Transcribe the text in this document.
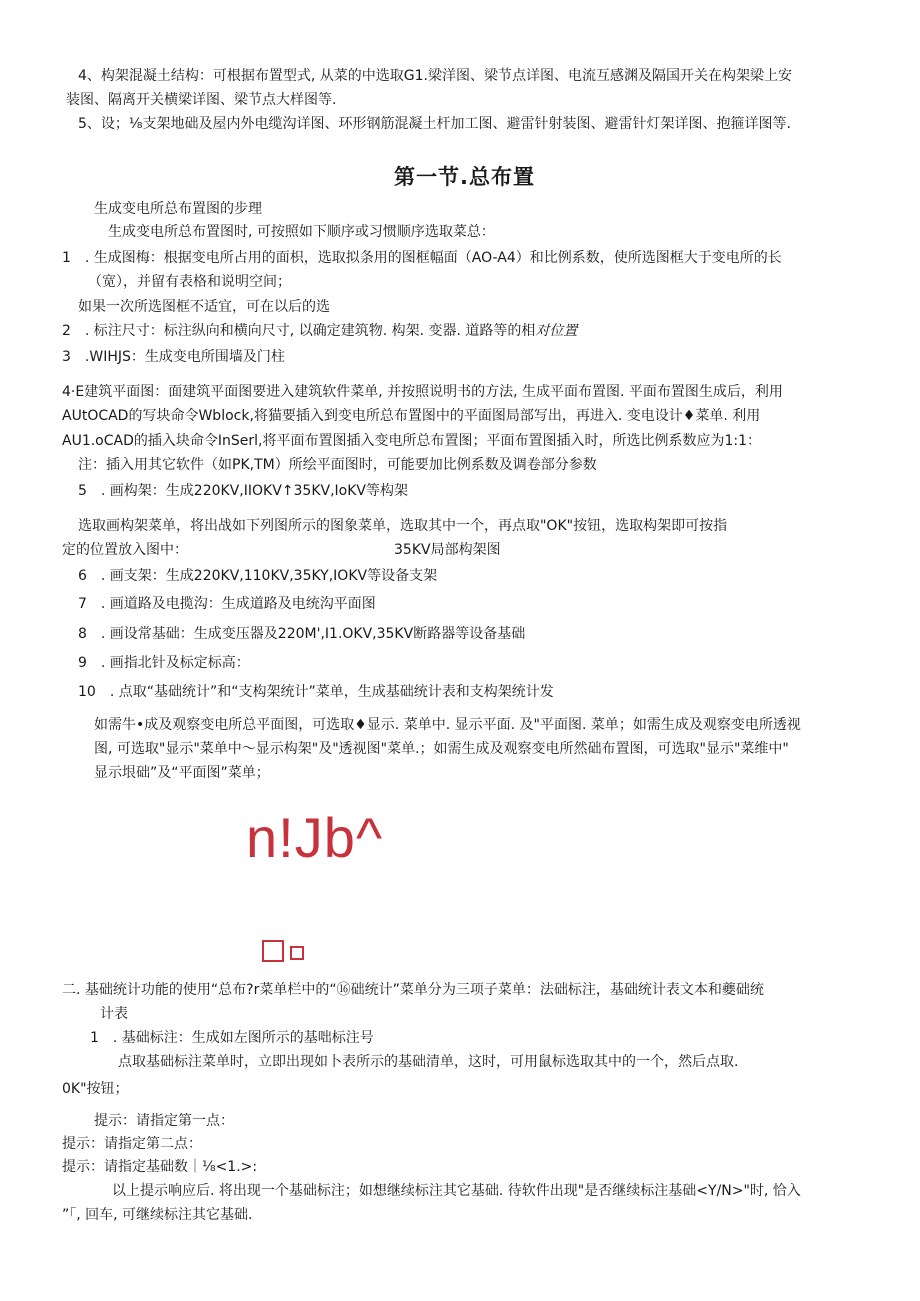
4、构架混凝土结构：可根据布置型式, 从菜的中选取G1.梁洋图、梁节点详图、电流互感渊及隔国开关在构架梁上安
装图、隔离开关横梁详图、梁节点大样图等.
5、设；⅛支架地础及屋内外电缆沟详图、环形钢筋混凝土杆加工图、避雷针射装图、避雷针灯架详图、抱箍详图等.
第一节.总布置
生成变电所总布置图的步理
生成变电所总布置图时, 可按照如下顺序或习惯顺序选取菜总：
1　. 生成图梅：根据变电所占用的面枳，选取拟条用的图框幅面（AO-A4）和比例系数，使所选图框大于变电所的长
（宽），并留有表格和说明空间；
如果一次所选图框不适宜，可在以后的选
2　. 标注尺寸：标注纵向和横向尺寸, 以确定建筑物. 构架. 变器. 道路等的相对位置
3　.WIHJS：生成变电所围墙及门柱
4·E建筑平面图：面建筑平面图要进入建筑软件菜单, 并按照说明书的方法, 生成平面布置图. 平面布置图生成后，利用
AUtOCAD的写块命令Wbl⁠ock,将猫要插入到变电所总布置图中的平面图局部写出，再进入. 变电设计♦菜单. 利用
AU1.oCAD的插入块命令InSerl,将平面布置图插入变电所总布置图；平面布置图插入时，所选比例系数应为1:1：
注：插入用其它软件（如PK,TM）所绘平面图时，可能要加比例系数及调卷部分参数
5　. 画构架：生成220KV,IIOKV↑35KV,IoKV等构架
选取画构架菜单，将出战如下列图所示的图象菜单，选取其中一个，再点取"OK"按钮，选取构架即可按指
定的位置放入图中：	35KV局部构架图
6　. 画支架：生成220KV,110KV,35KY,IOKV等设备支架
7　. 画道路及电揽沟：生成道路及电统沟平面图
8　. 画设常基础：生成变压器及220M',I1.OKV,35KV断路器等设备基础
9　. 画指北针及标定标高：
10　. 点取“基础统计”和“支构架统计”菜单，生成基础统计表和支构架统计发
如需牛•成及观察变电所总平面图，可选取♦显示. 菜单中. 显示平面. 及"平面图. 菜单；如需生成及观察变电所透视
图, 可选取"显示"菜单中～显示构架"及"透视图"菜单.；如需生成及观察变电所然础布置图，可选取"显示"菜维中"
显示垠础”及“平面图”菜单；
n!Jb^
二. 基础统计功能的使用“总布?r菜单栏中的“⑯础统计”菜单分为三项子菜单：法础标注，基础统计表文本和夔础统
计表
1　. 基础标注：生成如左图所示的基咄标注号
点取基础标注菜单时，立即出现如卜表所示的基础清单，这时，可用鼠标选取其中的一个，然后点取.
0K"按钮；
提示：请指定第一点：
提示：请指定第二点：
提示：请指定基础数｜⅛<1.>:
以上提示响应后. 将出现一个基础标注；如想继续标注其它基础. 待软件出现"是否继续标注基础<Y/N>"时, 恰入
”「, 回车, 可继续标注其它基础.
